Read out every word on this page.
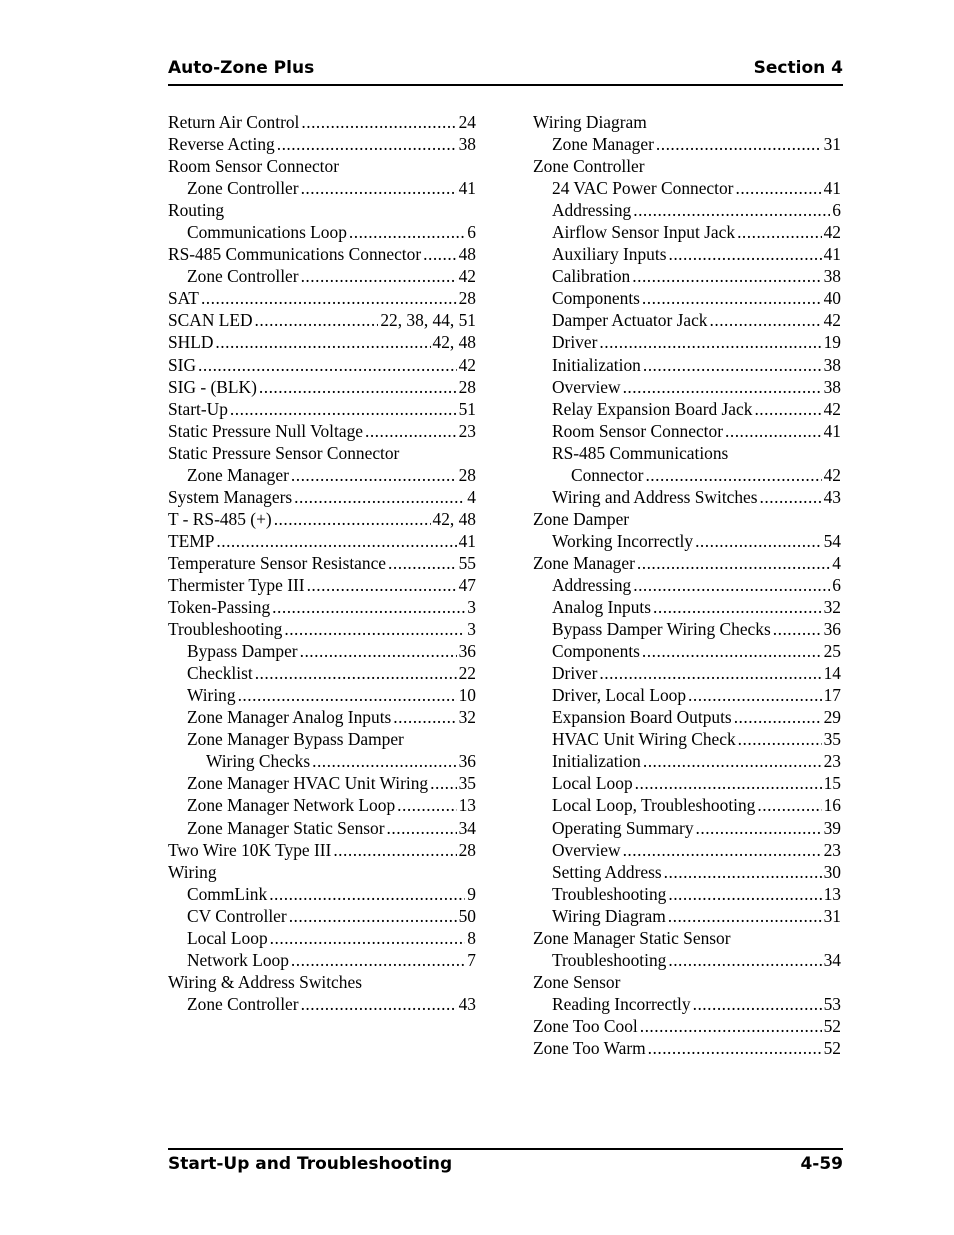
Auto-Zone Plus	Section 4
Return Air Control .....	24
Reverse Acting .....	38
Room Sensor Connector
Zone Controller .....	41
Routing
Communications Loop .....	6
RS-485 Communications Connector ..... 48
Zone Controller .....	42
SAT .....	28
SCAN LED .....	22, 38, 44, 51
SHLD .....	42, 48
SIG .....	42
SIG - (BLK) .....	28
Start-Up .....	51
Static Pressure Null Voltage .....	23
Static Pressure Sensor Connector
Zone Manager .....	28
System Managers .....	4
T - RS-485 (+) .....	42, 48
TEMP .....	41
Temperature Sensor Resistance .....	55
Thermister Type III .....	47
Token-Passing .....	3
Troubleshooting .....	3
Bypass Damper .....	36
Checklist .....	22
Wiring .....	10
Zone Manager Analog Inputs .....	32
Zone Manager Bypass Damper
Wiring Checks .....	36
Zone Manager HVAC Unit Wiring ..... 35
Zone Manager Network Loop .....	13
Zone Manager Static Sensor .....	34
Two Wire 10K Type III .....	28
Wiring
CommLink .....	9
CV Controller .....	50
Local Loop .....	8
Network Loop .....	7
Wiring & Address Switches
Zone Controller .....	43
Wiring Diagram
Zone Manager .....	31
Zone Controller
24 VAC Power Connector .....	41
Addressing .....	6
Airflow Sensor Input Jack .....	42
Auxiliary Inputs .....	41
Calibration .....	38
Components .....	40
Damper Actuator Jack .....	42
Driver .....	19
Initialization .....	38
Overview .....	38
Relay Expansion Board Jack .....	42
Room Sensor Connector .....	41
RS-485 Communications
Connector .....	42
Wiring and Address Switches .....	43
Zone Damper
Working Incorrectly .....	54
Zone Manager .....	4
Addressing .....	6
Analog Inputs .....	32
Bypass Damper Wiring Checks .....	36
Components .....	25
Driver .....	14
Driver, Local Loop .....	17
Expansion Board Outputs .....	29
HVAC Unit Wiring Check .....	35
Initialization .....	23
Local Loop .....	15
Local Loop, Troubleshooting .....	16
Operating Summary .....	39
Overview .....	23
Setting Address .....	30
Troubleshooting .....	13
Wiring Diagram .....	31
Zone Manager Static Sensor
Troubleshooting .....	34
Zone Sensor
Reading Incorrectly .....	53
Zone Too Cool .....	52
Zone Too Warm .....	52
Start-Up and Troubleshooting	4-59
